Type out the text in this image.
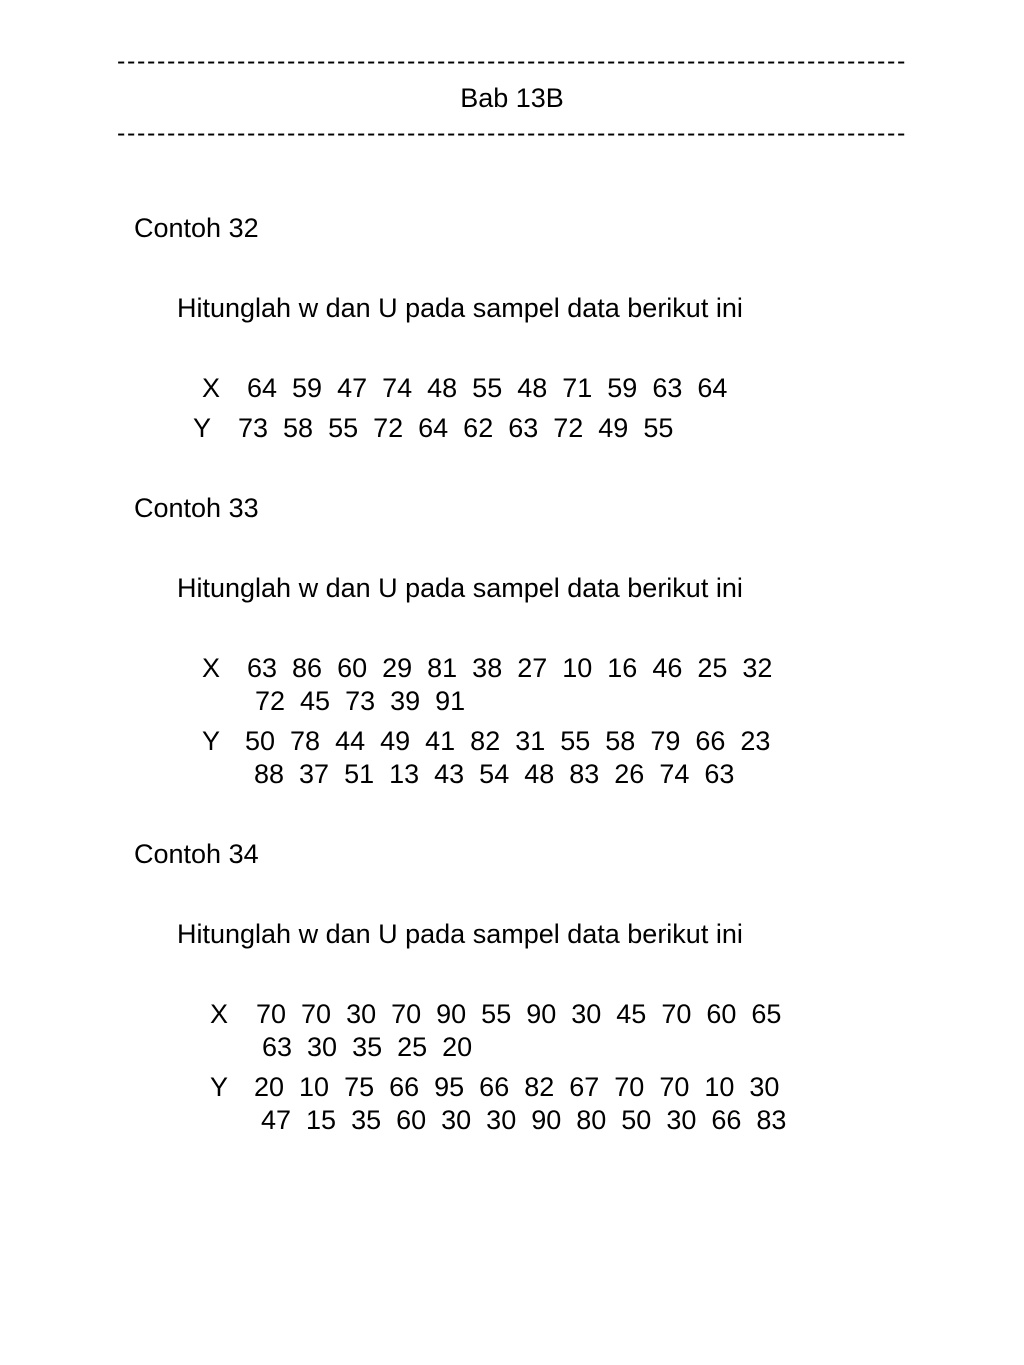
-------------------------------------------------------------------------------
Bab 13B
-------------------------------------------------------------------------------
Contoh 32
Hitunglah w dan U pada sampel data berikut ini

X

64  59  47  74  48  55  48  71  59  63  64

Y

73  58  55  72  64  62  63  72  49  55

Contoh 33
Hitunglah w dan U pada sampel data berikut ini

X

63  86  60  29  81  38  27  10  16  46  25  32

72  45  73  39  91

Y

50  78  44  49  41  82  31  55  58  79  66  23

88  37  51  13  43  54  48  83  26  74  63

Contoh 34
Hitunglah w dan U pada sampel data berikut ini

X

70  70  30  70  90  55  90  30  45  70  60  65

63  30  35  25  20

Y

20  10  75  66  95  66  82  67  70  70  10  30

47  15  35  60  30  30  90  80  50  30  66  83
